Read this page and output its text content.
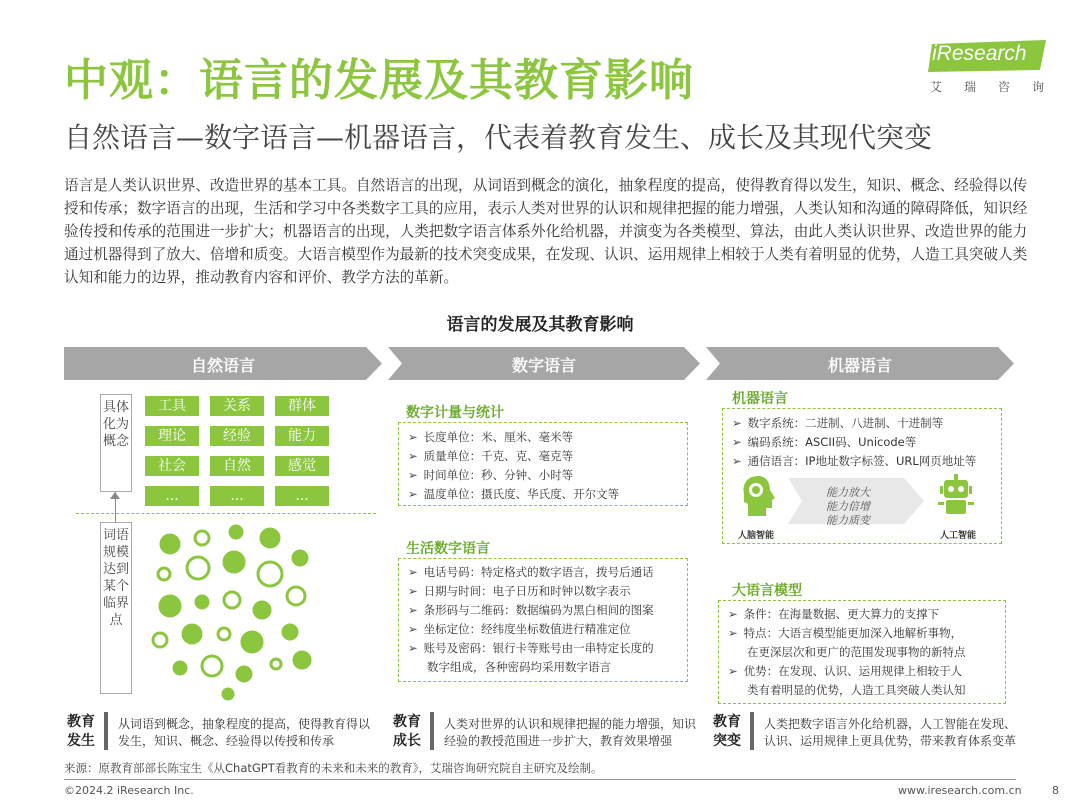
中观：语言的发展及其教育影响
自然语言—数字语言—机器语言，代表着教育发生、成长及其现代突变
iResearch
艾瑞咨询
语言是人类认识世界、改造世界的基本工具。自然语言的出现，从词语到概念的演化，抽象程度的提高，使得教育得以发生，知识、概念、经验得以传授和传承；数字语言的出现，生活和学习中各类数字工具的应用，表示人类对世界的认识和规律把握的能力增强，人类认知和沟通的障碍降低，知识经验传授和传承的范围进一步扩大；机器语言的出现，人类把数字语言体系外化给机器，并演变为各类模型、算法，由此人类认识世界、改造世界的能力通过机器得到了放大、倍增和质变。大语言模型作为最新的技术突变成果，在发现、认识、运用规律上相较于人类有着明显的优势，人造工具突破人类认知和能力的边界，推动教育内容和评价、教学方法的革新。
语言的发展及其教育影响
自然语言	数字语言	机器语言
具体化为概念
词语规模达到某个临界点
工具	关系	群体
理论	经验	能力
社会	自然	感觉
...	...	...
数字计量与统计
➢ 长度单位：米、厘米、毫米等
➢ 质量单位：千克、克、毫克等
➢ 时间单位：秒、分钟、小时等
➢ 温度单位：摄氏度、华氏度、开尔文等
生活数字语言
➢ 电话号码：特定格式的数字语言，拨号后通话
➢ 日期与时间：电子日历和时钟以数字表示
➢ 条形码与二维码：数据编码为黑白相间的图案
➢ 坐标定位：经纬度坐标数值进行精准定位
➢ 账号及密码：银行卡等账号由一串特定长度的
数字组成，各种密码均采用数字语言
机器语言
➢ 数字系统：二进制、八进制、十进制等
➢ 编码系统：ASCII码、Unicode等
➢ 通信语言：IP地址数字标签、URL网页地址等
人脑智能
能力放大
能力倍增
能力质变
人工智能
大语言模型
➢ 条件：在海量数据、更大算力的支撑下
➢ 特点：大语言模型能更加深入地解析事物，
在更深层次和更广的范围发现事物的新特点
➢ 优势：在发现、认识、运用规律上相较于人
类有着明显的优势，人造工具突破人类认知
教育发生
从词语到概念，抽象程度的提高，使得教育得以发生，知识、概念、经验得以传授和传承
教育成长
人类对世界的认识和规律把握的能力增强，知识经验的教授范围进一步扩大，教育效果增强
教育突变
人类把数字语言外化给机器，人工智能在发现、认识、运用规律上更具优势，带来教育体系变革
来源：原教育部部长陈宝生《从ChatGPT看教育的未来和未来的教育》，艾瑞咨询研究院自主研究及绘制。
©2024.2 iResearch Inc.	www.iresearch.com.cn	8
